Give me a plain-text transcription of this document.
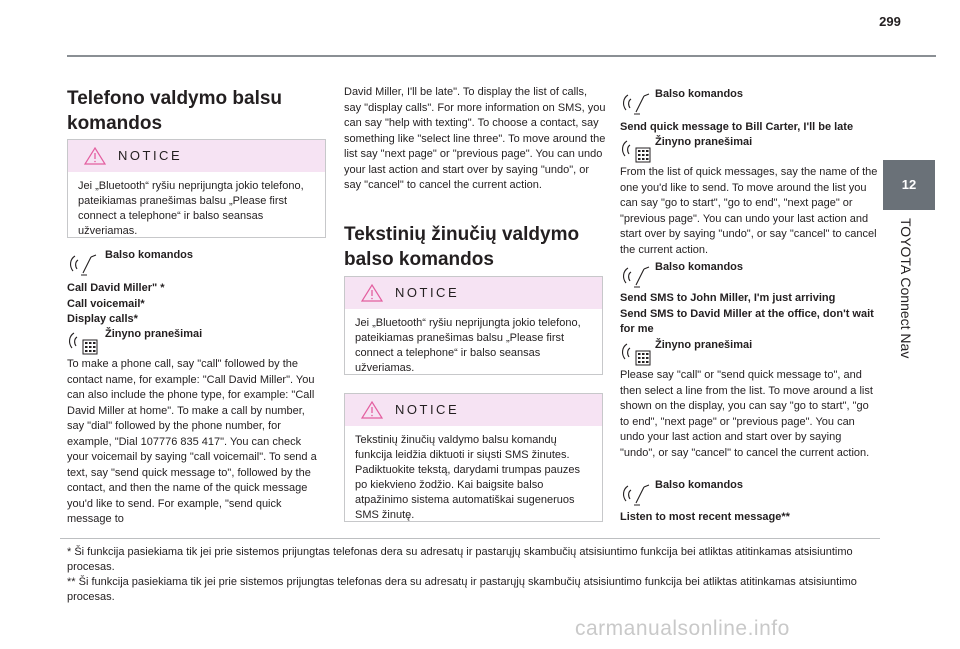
299
12
TOYOTA Connect Nav
Telefono valdymo balsu
komandos
NOTICE
Jei „Bluetooth“ ryšiu neprijungta jokio telefono, pateikiamas pranešimas balsu „Please first connect a telephone“ ir balso seansas užveriamas.
Balso komandos
Call David Miller" *
Call voicemail*
Display calls*
Žinyno pranešimai
To make a phone call, say "call" followed by the contact name, for example: "Call David Miller". You can also include the phone type, for example: "Call David Miller at home". To make a call by number, say "dial" followed by the phone number, for example, "Dial 107776 835 417". You can check your voicemail by saying "call voicemail". To send a text, say "send quick message to", followed by the contact, and then the name of the quick message you'd like to send. For example, "send quick message to
David Miller, I'll be late". To display the list of calls, say "display calls". For more information on SMS, you can say "help with texting". To choose a contact, say something like "select line three". To move around the list say "next page" or "previous page". You can undo your last action and start over by saying "undo", or say "cancel" to cancel the current action.
Tekstinių žinučių valdymo
balso komandos
NOTICE
Jei „Bluetooth“ ryšiu neprijungta jokio telefono, pateikiamas pranešimas balsu „Please first connect a telephone“ ir balso seansas užveriamas.
NOTICE
Tekstinių žinučių valdymo balsu komandų funkcija leidžia diktuoti ir siųsti SMS žinutes. Padiktuokite tekstą, darydami trumpas pauzes po kiekvieno žodžio. Kai baigsite balso atpažinimo sistema automatiškai sugeneruos SMS žinutę.
Balso komandos
Send quick message to Bill Carter, I'll be late
Žinyno pranešimai
From the list of quick messages, say the name of the one you'd like to send. To move around the list you can say "go to start", "go to end", "next page" or "previous page". You can undo your last action and start over by saying "undo", or say "cancel" to cancel the current action.
Balso komandos
Send SMS to John Miller, I'm just arriving
Send SMS to David Miller at the office, don't wait for me
Žinyno pranešimai
Please say "call" or "send quick message to", and then select a line from the list. To move around a list shown on the display, you can say "go to start", "go to end", "next page" or "previous page". You can undo your last action and start over by saying "undo", or say "cancel" to cancel the current action.
Balso komandos
Listen to most recent message**
* Ši funkcija pasiekiama tik jei prie sistemos prijungtas telefonas dera su adresatų ir pastarųjų skambučių atsisiuntimo funkcija bei atliktas atitinkamas atsisiuntimo procesas.
** Ši funkcija pasiekiama tik jei prie sistemos prijungtas telefonas dera su adresatų ir pastarųjų skambučių atsisiuntimo funkcija bei atliktas atitinkamas atsisiuntimo procesas.
carmanualsonline.info
